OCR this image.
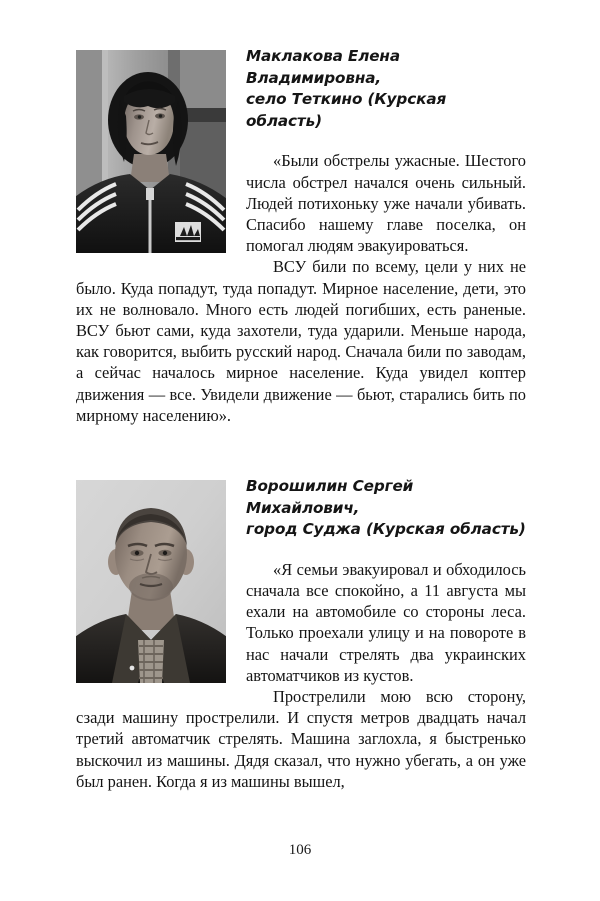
Маклакова Елена Владимировна,
село Теткино (Курская область)

«Были обстрелы ужасные. Шестого числа обстрел начался очень сильный. Людей потихоньку уже начали убивать. Спасибо нашему главе поселка, он помогал людям эвакуироваться.

ВСУ били по всему, цели у них не было. Куда попадут, туда попадут. Мирное население, дети, это их не волновало. Много есть людей погибших, есть раненые. ВСУ бьют сами, куда захотели, туда ударили. Меньше народа, как говорится, выбить русский народ. Сначала били по заводам, а сейчас началось мирное население. Куда увидел коптер движения — все. Увидели движение — бьют, старались бить по мирному населению».

Ворошилин Сергей Михайлович,
город Суджа (Курская область)

«Я семьи эвакуировал и обходилось сначала все спокойно, а 11 августа мы ехали на автомобиле со стороны леса. Только проехали улицу и на повороте в нас начали стрелять два украинских автоматчиков из кустов.

Прострелили мою всю сторону, сзади машину прострелили. И спустя метров двадцать начал третий автоматчик стрелять. Машина заглохла, я быстренько выскочил из машины. Дядя сказал, что нужно убегать, а он уже был ранен. Когда я из машины вышел,

106
